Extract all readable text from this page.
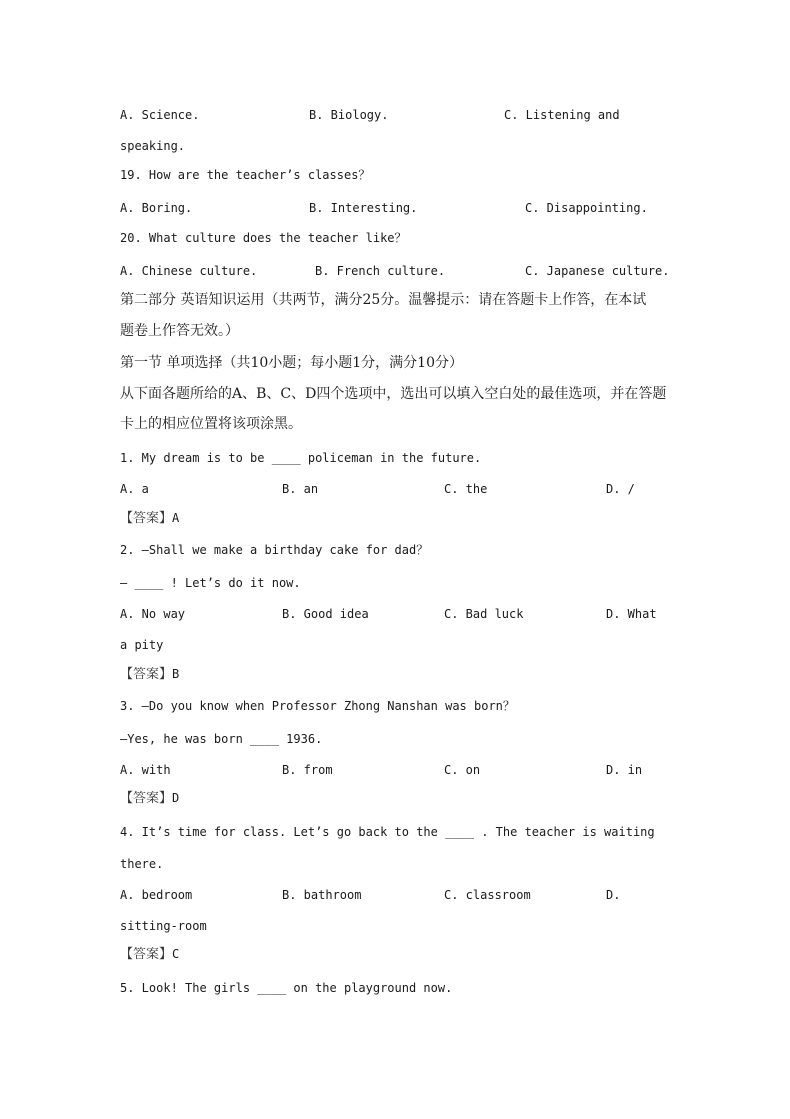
A. Science.	B. Biology.	C. Listening and
speaking.
19. How are the teacher’s classes？
A. Boring.	B. Interesting.	C. Disappointing.
20. What culture does the teacher like？
A. Chinese culture.	B. French culture.	C. Japanese culture.
第二部分 英语知识运用（共两节，满分25分。温馨提示：请在答题卡上作答，在本试
题卷上作答无效。）
第一节 单项选择（共10小题；每小题1分，满分10分）
从下面各题所给的A、B、C、D四个选项中，选出可以填入空白处的最佳选项，并在答题
卡上的相应位置将该项涂黑。
1. My dream is to be ____ policeman in the future.
A. a	B. an	C. the	D. /
【答案】A
2. —Shall we make a birthday cake for dad？
— ____ ! Let’s do it now.
A. No way	B. Good idea	C. Bad luck	D. What
a pity
【答案】B
3. —Do you know when Professor Zhong Nanshan was born？
—Yes, he was born ____ 1936.
A. with	B. from	C. on	D. in
【答案】D
4. It’s time for class. Let’s go back to the ____ . The teacher is waiting
there.
A. bedroom	B. bathroom	C. classroom	D.
sitting-room
【答案】C
5. Look! The girls ____ on the playground now.
